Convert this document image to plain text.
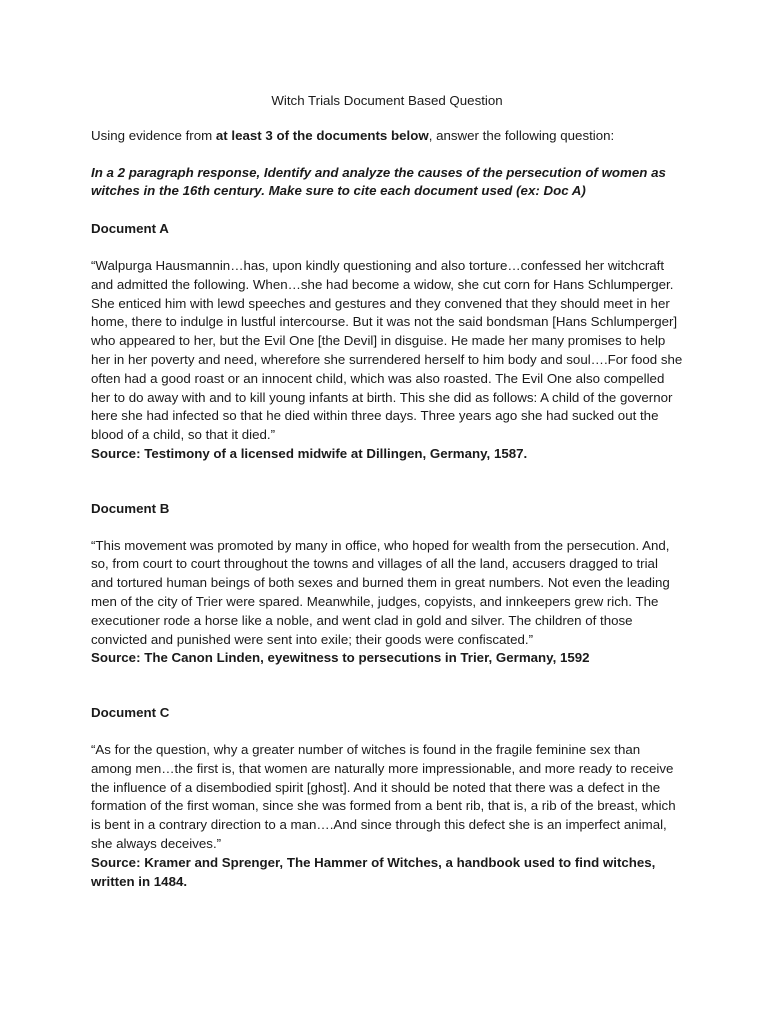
Witch Trials Document Based Question

Using evidence from at least 3 of the documents below, answer the following question:

In a 2 paragraph response, Identify and analyze the causes of the persecution of women as witches in the 16th century. Make sure to cite each document used (ex: Doc A)

Document A

“Walpurga Hausmannin…has, upon kindly questioning and also torture…confessed her witchcraft and admitted the following. When…she had become a widow, she cut corn for Hans Schlumperger. She enticed him with lewd speeches and gestures and they convened that they should meet in her home, there to indulge in lustful intercourse. But it was not the said bondsman [Hans Schlumperger] who appeared to her, but the Evil One [the Devil] in disguise. He made her many promises to help her in her poverty and need, wherefore she surrendered herself to him body and soul….For food she often had a good roast or an innocent child, which was also roasted. The Evil One also compelled her to do away with and to kill young infants at birth. This she did as follows: A child of the governor here she had infected so that he died within three days. Three years ago she had sucked out the blood of a child, so that it died.”

Source: Testimony of a licensed midwife at Dillingen, Germany, 1587.

Document B

“This movement was promoted by many in office, who hoped for wealth from the persecution. And, so, from court to court throughout the towns and villages of all the land, accusers dragged to trial and tortured human beings of both sexes and burned them in great numbers. Not even the leading men of the city of Trier were spared. Meanwhile, judges, copyists, and innkeepers grew rich. The executioner rode a horse like a noble, and went clad in gold and silver. The children of those convicted and punished were sent into exile; their goods were confiscated.”

Source: The Canon Linden, eyewitness to persecutions in Trier, Germany, 1592

Document C

“As for the question, why a greater number of witches is found in the fragile feminine sex than among men…the first is, that women are naturally more impressionable, and more ready to receive the influence of a disembodied spirit [ghost]. And it should be noted that there was a defect in the formation of the first woman, since she was formed from a bent rib, that is, a rib of the breast, which is bent in a contrary direction to a man….And since through this defect she is an imperfect animal, she always deceives.”

Source: Kramer and Sprenger, The Hammer of Witches, a handbook used to find witches, written in 1484.
